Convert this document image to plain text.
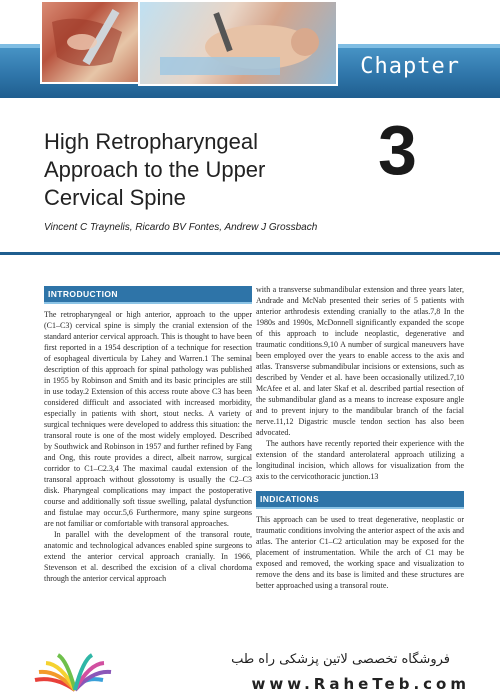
Chapter
High Retropharyngeal
Approach to the Upper
Cervical Spine
3
Vincent C Traynelis, Ricardo BV Fontes, Andrew J Grossbach
INTRODUCTION

The retropharyngeal or high anterior, approach to the upper (C1–C3) cervical spine is simply the cranial extension of the standard anterior cervical approach. This is thought to have been first reported in a 1954 description of a technique for resection of esophageal diverticula by Lahey and Warren.1 The seminal description of this approach for spinal pathology was published in 1955 by Robinson and Smith and its basic principles are still in use today.2 Extension of this access route above C3 has been considered difficult and associated with increased morbidity, especially in patients with short, stout necks. A variety of surgical techniques were developed to address this situation: the transoral route is one of the most widely employed. Described by Southwick and Robinson in 1957 and further refined by Fang and Ong, this route provides a direct, albeit narrow, surgical corridor to C1–C2.3,4 The maximal caudal extension of the transoral approach without glossotomy is usually the C2–C3 disk. Pharyngeal complications may impact the postoperative course and additionally soft tissue swelling, palatal dysfunction and fistulae may occur.5,6 Furthermore, many spine surgeons are not familiar or comfortable with transoral approaches.

In parallel with the development of the transoral route, anatomic and technological advances enabled spine surgeons to extend the anterior cervical approach cranially. In 1966, Stevenson et al. described the excision of a clival chordoma through the anterior cervical approach

with a transverse submandibular extension and three years later, Andrade and McNab presented their series of 5 patients with anterior arthrodesis extending cranially to the atlas.7,8 In the 1980s and 1990s, McDonnell significantly expanded the scope of this approach to include neoplastic, degenerative and traumatic conditions.9,10 A number of surgical maneuvers have been employed over the years to enable access to the axis and atlas. Transverse submandibular incisions or extensions, such as described by Vender et al. have been occasionally utilized.7,10 McAfee et al. and later Skaf et al. described partial resection of the submandibular gland as a means to increase exposure angle and to prevent injury to the mandibular branch of the facial nerve.11,12 Digastric muscle tendon section has also been advocated.

The authors have recently reported their experience with the extension of the standard anterolateral approach utilizing a longitudinal incision, which allows for visualization from the axis to the cervicothoracic junction.13

INDICATIONS

This approach can be used to treat degenerative, neoplastic or traumatic conditions involving the anterior aspect of the axis and atlas. The anterior C1–C2 articulation may be exposed for the placement of instrumentation. While the arch of C1 may be exposed and removed, the working space and visualization to remove the dens and its base is limited and these structures are better approached using a transoral route.

فروشگاه تخصصی لاتین پزشکی راه طب
www.RaheTeb.com
